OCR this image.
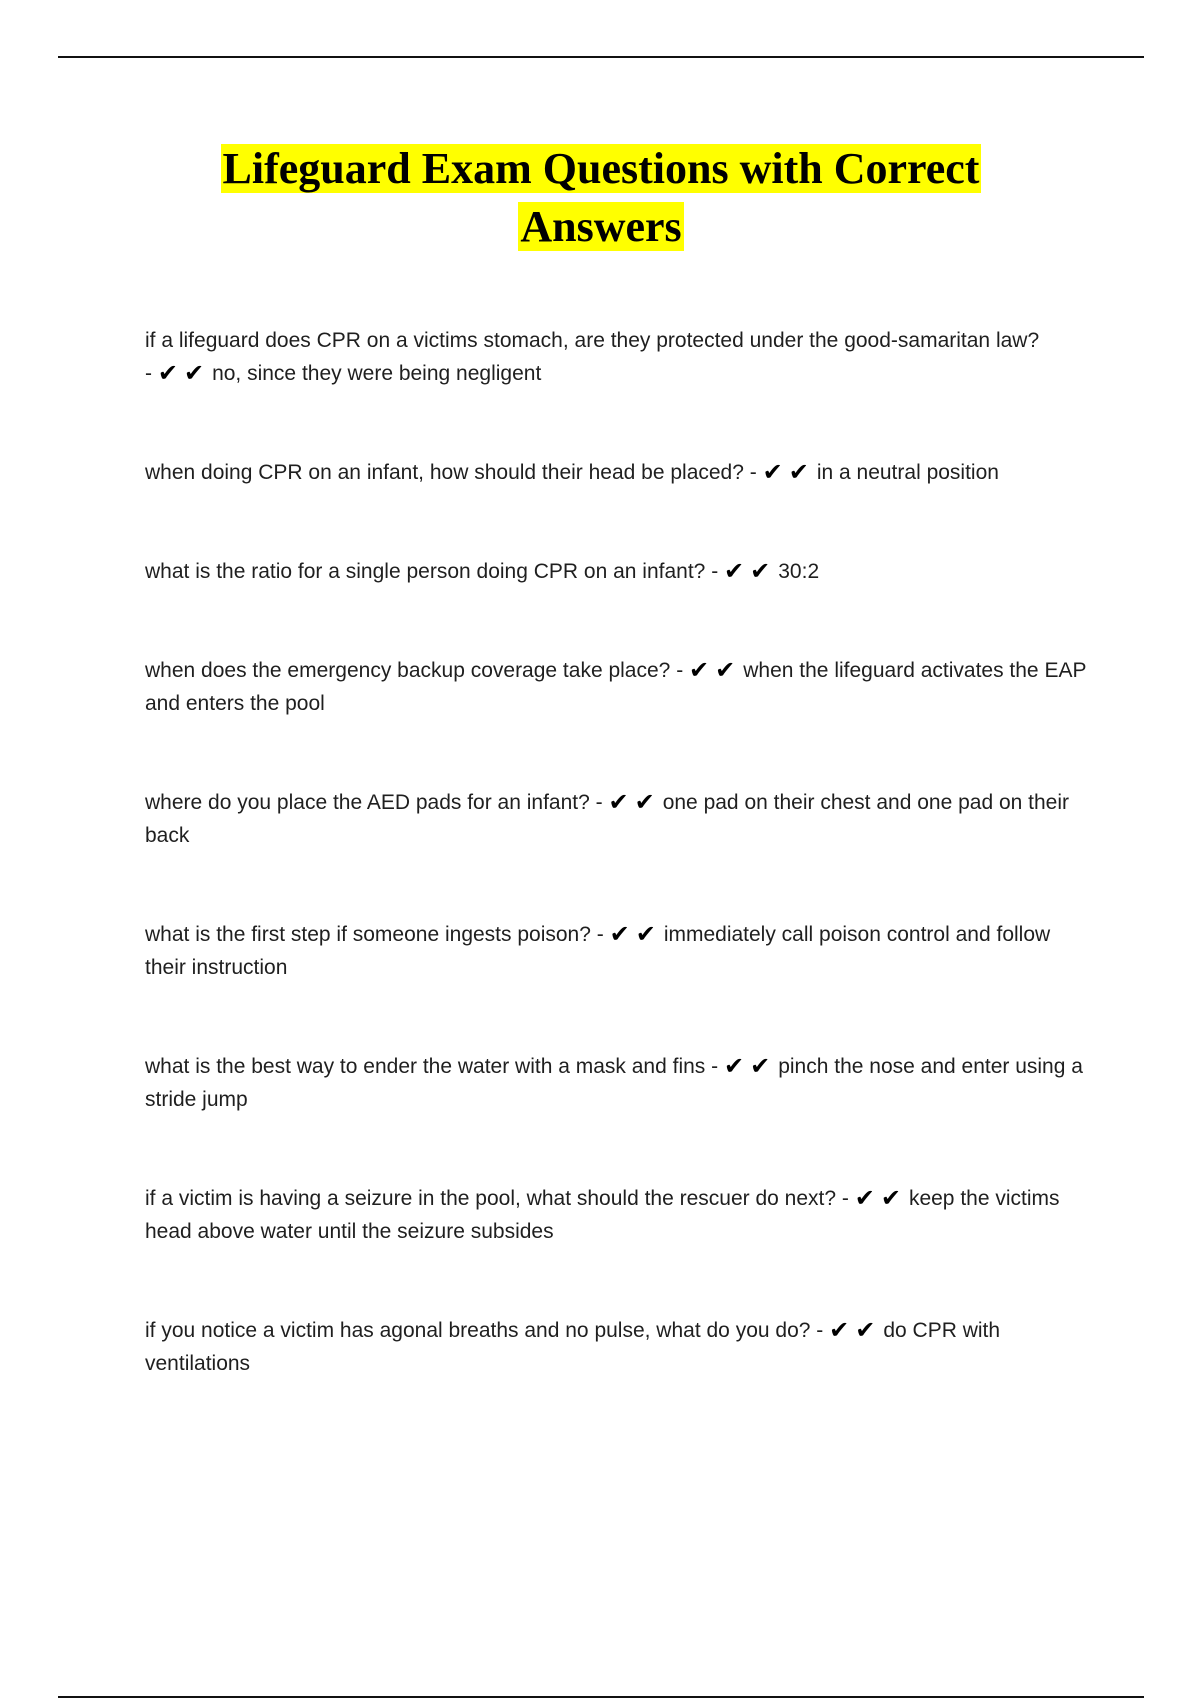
Lifeguard Exam Questions with Correct
Answers
if a lifeguard does CPR on a victims stomach, are they protected under the good-samaritan law?
- ✔ ✔ no, since they were being negligent
when doing CPR on an infant, how should their head be placed? - ✔ ✔ in a neutral position
what is the ratio for a single person doing CPR on an infant? - ✔ ✔ 30:2
when does the emergency backup coverage take place? - ✔ ✔ when the lifeguard activates the EAP and enters the pool
where do you place the AED pads for an infant? - ✔ ✔ one pad on their chest and one pad on their back
what is the first step if someone ingests poison? - ✔ ✔ immediately call poison control and follow their instruction
what is the best way to ender the water with a mask and fins - ✔ ✔ pinch the nose and enter using a stride jump
if a victim is having a seizure in the pool, what should the rescuer do next? - ✔ ✔ keep the victims head above water until the seizure subsides
if you notice a victim has agonal breaths and no pulse, what do you do? - ✔ ✔ do CPR with ventilations
